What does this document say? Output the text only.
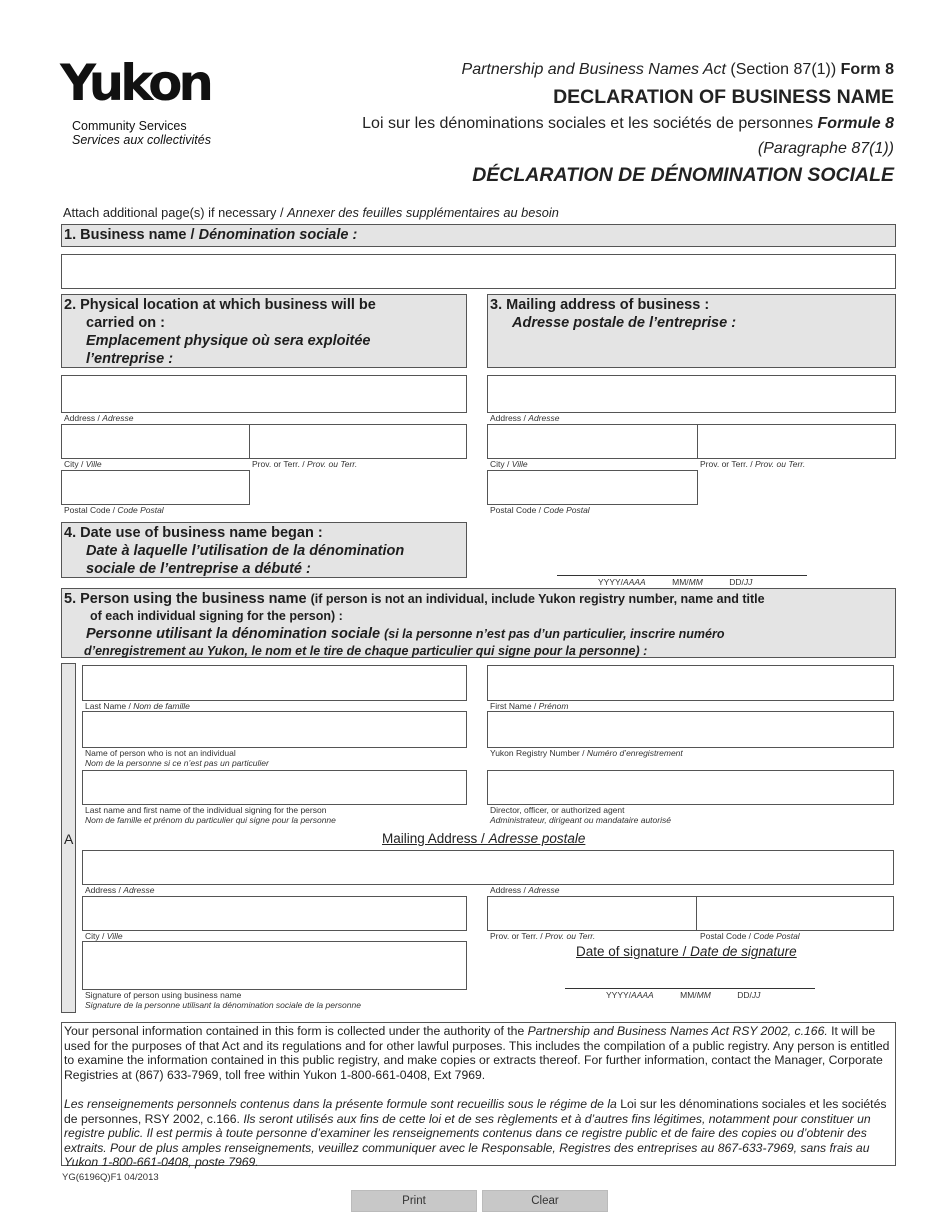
Yukon
Community Services
Services aux collectivités
Partnership and Business Names Act (Section 87(1)) Form 8
DECLARATION OF BUSINESS NAME
Loi sur les dénominations sociales et les sociétés de personnes Formule 8
(Paragraphe 87(1))
DÉCLARATION DE DÉNOMINATION SOCIALE
Attach additional page(s) if necessary / Annexer des feuilles supplémentaires au besoin
1. Business name / Dénomination sociale :
2. Physical location at which business will be
carried on :
Emplacement physique où sera exploitée
l’entreprise :
3. Mailing address of business :
Adresse postale de l’entreprise :
Address / Adresse
City / Ville	Prov. or Terr. / Prov. ou Terr.
Postal Code / Code Postal
Address / Adresse
City / Ville	Prov. or Terr. / Prov. ou Terr.
Postal Code / Code Postal
4. Date use of business name began :
Date à laquelle l’utilisation de la dénomination
sociale de l’entreprise a débuté :
YYYY/AAAA	MM/MM	DD/JJ
5. Person using the business name (if person is not an individual, include Yukon registry number, name and title
of each individual signing for the person) :
Personne utilisant la dénomination sociale (si la personne n’est pas d’un particulier, inscrire numéro
d’enregistrement au Yukon, le nom et le tire de chaque particulier qui signe pour la personne) :
A
Last Name / Nom de famille	First Name / Prénom
Name of person who is not an individual
Nom de la personne si ce n’est pas un particulier
Yukon Registry Number / Numéro d’enregistrement
Last name and first name of the individual signing for the person
Nom de famille et prénom du particulier qui signe pour la personne
Director, officer, or authorized agent
Administrateur, dirigeant ou mandataire autorisé
Mailing Address / Adresse postale
Address / Adresse	Address / Adresse
City / Ville	Prov. or Terr. / Prov. ou Terr.	Postal Code / Code Postal
Signature of person using business name
Signature de la personne utilisant la dénomination sociale de la personne
Date of signature / Date de signature
YYYY/AAAA	MM/MM	DD/JJ

Your personal information contained in this form is collected under the authority of the Partnership and Business Names Act RSY 2002, c.166. It will be used for the purposes of that Act and its regulations and for other lawful purposes. This includes the compilation of a public registry. Any person is entitled to examine the information contained in this public registry, and make copies or extracts thereof. For further information, contact the Manager, Corporate Registries at (867) 633-7969, toll free within Yukon 1-800-661-0408, Ext 7969.

Les renseignements personnels contenus dans la présente formule sont recueillis sous le régime de la Loi sur les dénominations sociales et les sociétés de personnes, RSY 2002, c.166. Ils seront utilisés aux fins de cette loi et de ses règlements et à d’autres fins légitimes, notamment pour constituer un registre public. Il est permis à toute personne d’examiner les renseignements contenus dans ce registre public et de faire des copies ou d’obtenir des extraits. Pour de plus amples renseignements, veuillez communiquer avec le Responsable, Registres des entreprises au 867-633-7969, sans frais au Yukon 1-800-661-0408, poste 7969.

YG(6196Q)F1 04/2013
Print	Clear
